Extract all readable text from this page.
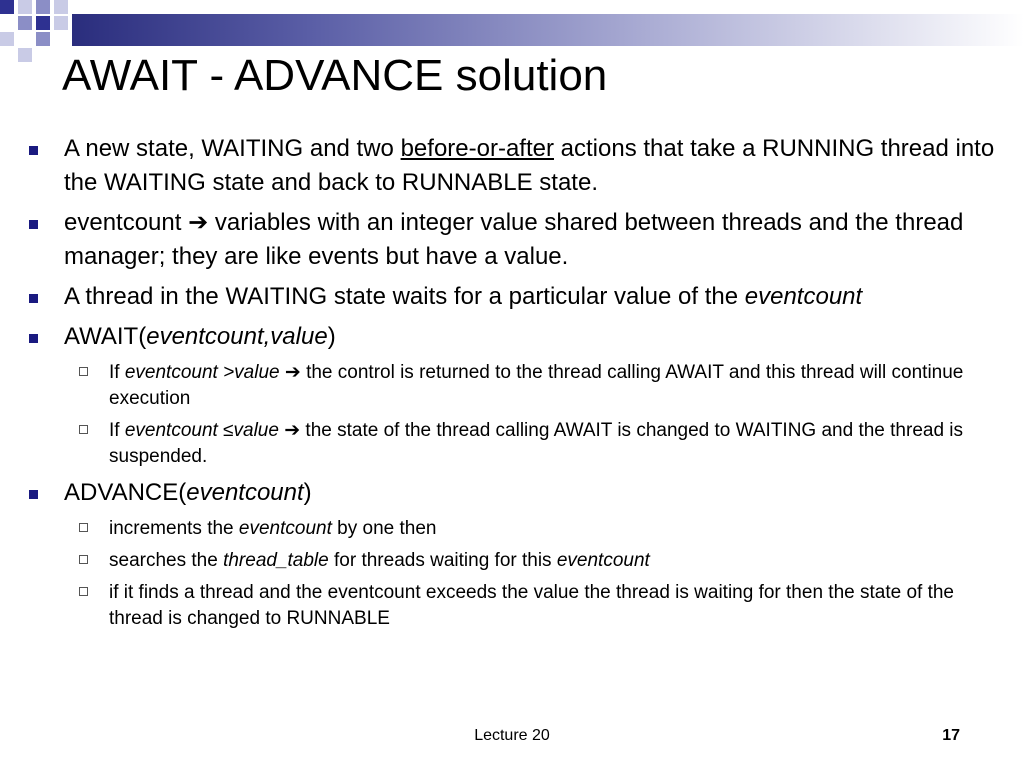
AWAIT - ADVANCE solution
A new state, WAITING and two before-or-after actions that take a RUNNING thread into the WAITING state and back to RUNNABLE state.
eventcount ➔ variables with an integer value shared between threads and the thread manager; they are like events but have a value.
A thread in the WAITING state waits for a particular value of the eventcount
AWAIT(eventcount,value)
If eventcount >value ➔ the control is returned to the thread calling AWAIT and this thread will continue execution
If eventcount ≤value ➔ the state of the thread calling AWAIT is changed to WAITING and the thread is suspended.
ADVANCE(eventcount)
increments the eventcount by one then
searches the thread_table for threads waiting for this eventcount
if it finds a thread and the eventcount exceeds the value the thread is waiting for then the state of the thread is changed to RUNNABLE
Lecture 20	17
